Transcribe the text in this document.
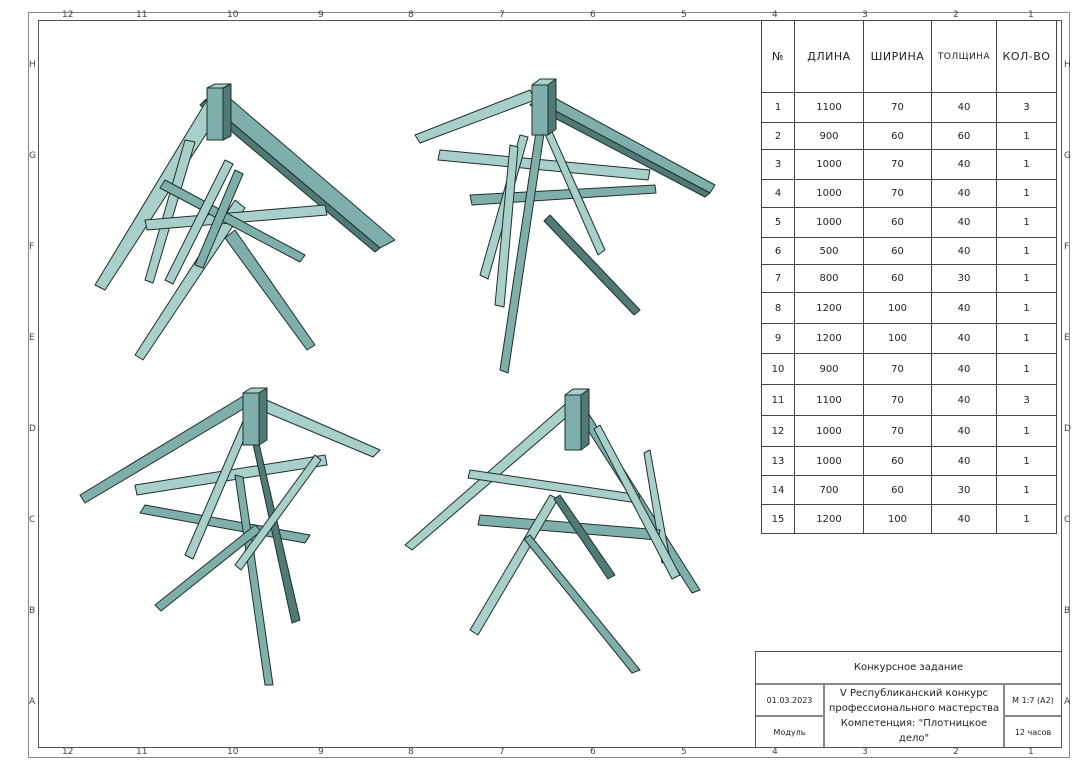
№	ДЛИНА	ШИРИНА	ТОЛЩИНА	КОЛ-ВО
1	1100	70	40	3
2	900	60	60	1
3	1000	70	40	1
4	1000	70	40	1
5	1000	60	40	1
6	500	60	40	1
7	800	60	30	1
8	1200	100	40	1
9	1200	100	40	1
10	900	70	40	1
11	1100	70	40	3
12	1000	70	40	1
13	1000	60	40	1
14	700	60	30	1
15	1200	100	40	1
Конкурсное задание
01.03.2023
Модуль
V Республиканский конкурс
профессионального мастерства
Компетенция: "Плотницкое дело"
М 1:7 (А2)
12 часов
12
12
11
11
10
10
9
9
8
8
7
7
6
6
5
5
4
4
3
3
2
2
1
1
H	H
G	G
F	F
E	E
D	D
C	C
B	B
A	A
